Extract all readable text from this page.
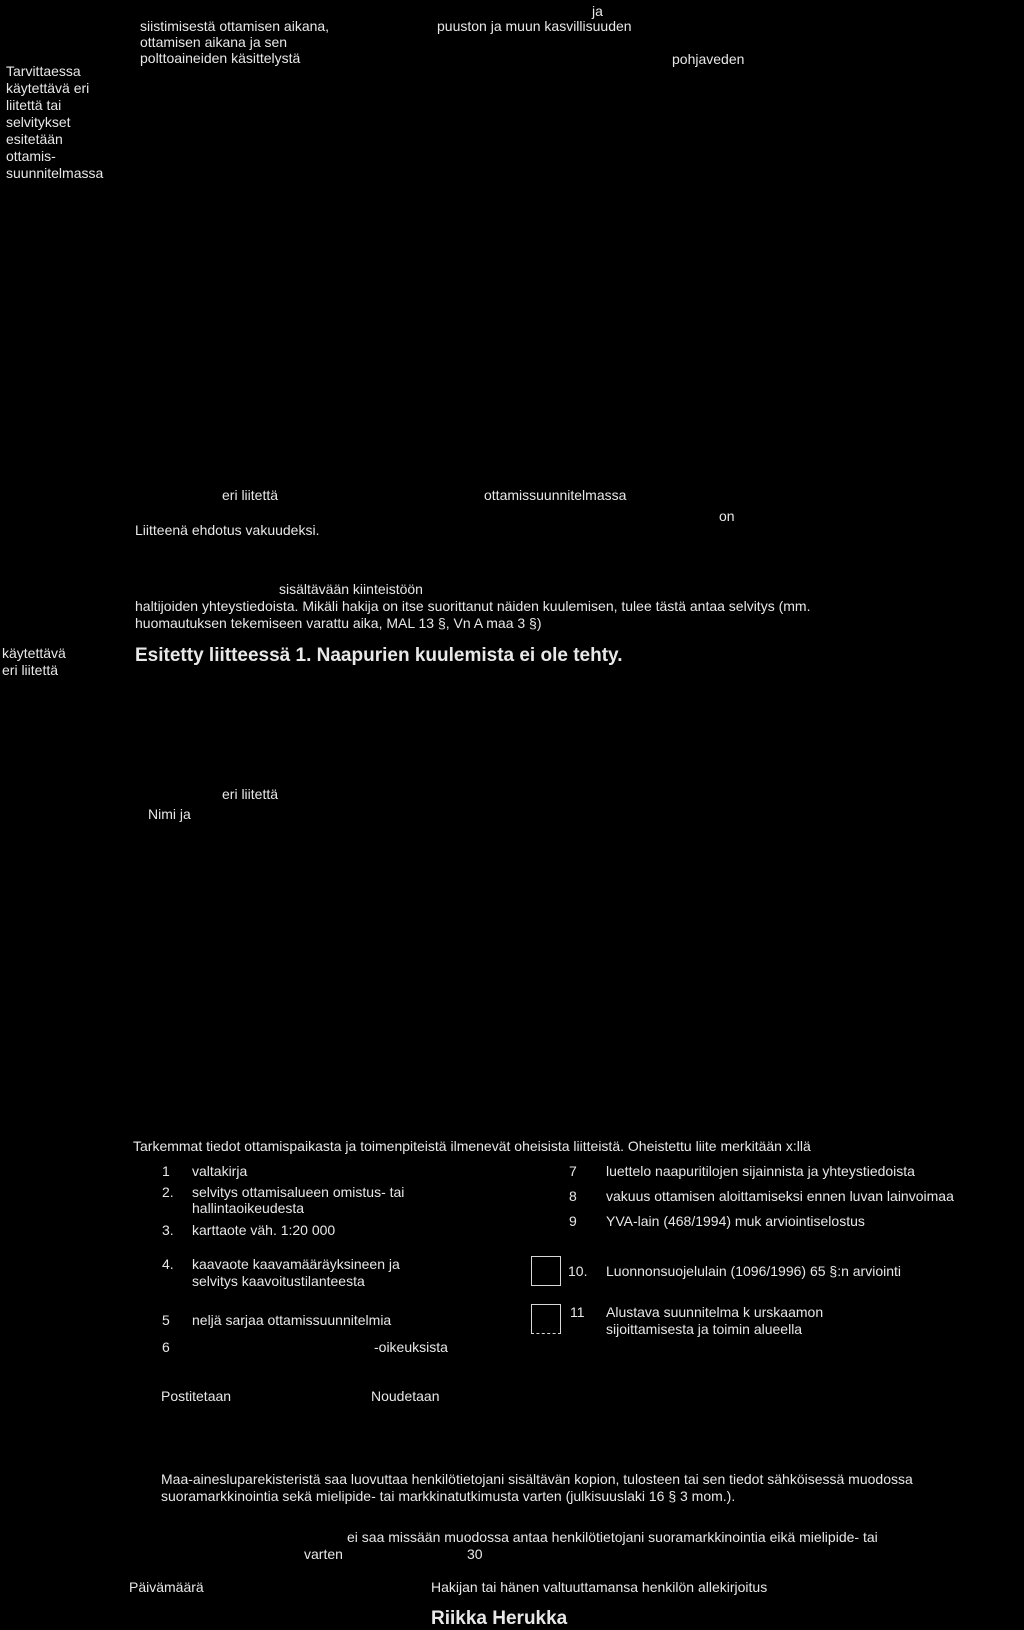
ja
siistimisestä ottamisen aikana,
ottamisen aikana ja sen
polttoaineiden käsittelystä
puuston ja muun kasvillisuuden
pohjaveden
Tarvittaessa
käytettävä eri
liitettä tai
selvitykset
esitetään
ottamis-
suunnitelmassa
eri liitettä	ottamissuunnitelmassa
on
Liitteenä ehdotus vakuudeksi.
sisältävään kiinteistöön
haltijoiden yhteystiedoista. Mikäli hakija on itse suorittanut näiden kuulemisen, tulee tästä antaa selvitys (mm.
huomautuksen tekemiseen varattu aika, MAL 13 §, Vn A maa 3 §)
käytettävä
eri liitettä
Esitetty liitteessä 1. Naapurien kuulemista ei ole tehty.
eri liitettä
Nimi ja
Tarkemmat tiedot ottamispaikasta ja toimenpiteistä ilmenevät oheisista liitteistä. Oheistettu liite merkitään x:llä
1 valtakirja
2. selvitys ottamisalueen omistus- tai
hallintaoikeudesta
3. karttaote väh. 1:20 000
4. kaavaote kaavamääräyksineen ja
selvitys kaavoitustilanteesta
5 neljä sarjaa ottamissuunnitelmia
6	-oikeuksista
7 luettelo naapuritilojen sijainnista ja yhteystiedoista
8 vakuus ottamisen aloittamiseksi ennen luvan lainvoimaa
9 YVA-lain (468/1994) muk arviointiselostus
10. Luonnonsuojelulain (1096/1996) 65 §:n arviointi
11 Alustava suunnitelma k urskaamon
sijoittamisesta ja toimin alueella
Postitetaan	Noudetaan
Maa-ainesluparekisteristä saa luovuttaa henkilötietojani sisältävän kopion, tulosteen tai sen tiedot sähköisessä muodossa
suoramarkkinointia sekä mielipide- tai markkinatutkimusta varten (julkisuuslaki 16 § 3 mom.).
ei saa missään muodossa antaa henkilötietojani suoramarkkinointia eikä mielipide- tai
varten	30
Päivämäärä	Hakijan tai hänen valtuuttamansa henkilön allekirjoitus
Riikka Herukka
